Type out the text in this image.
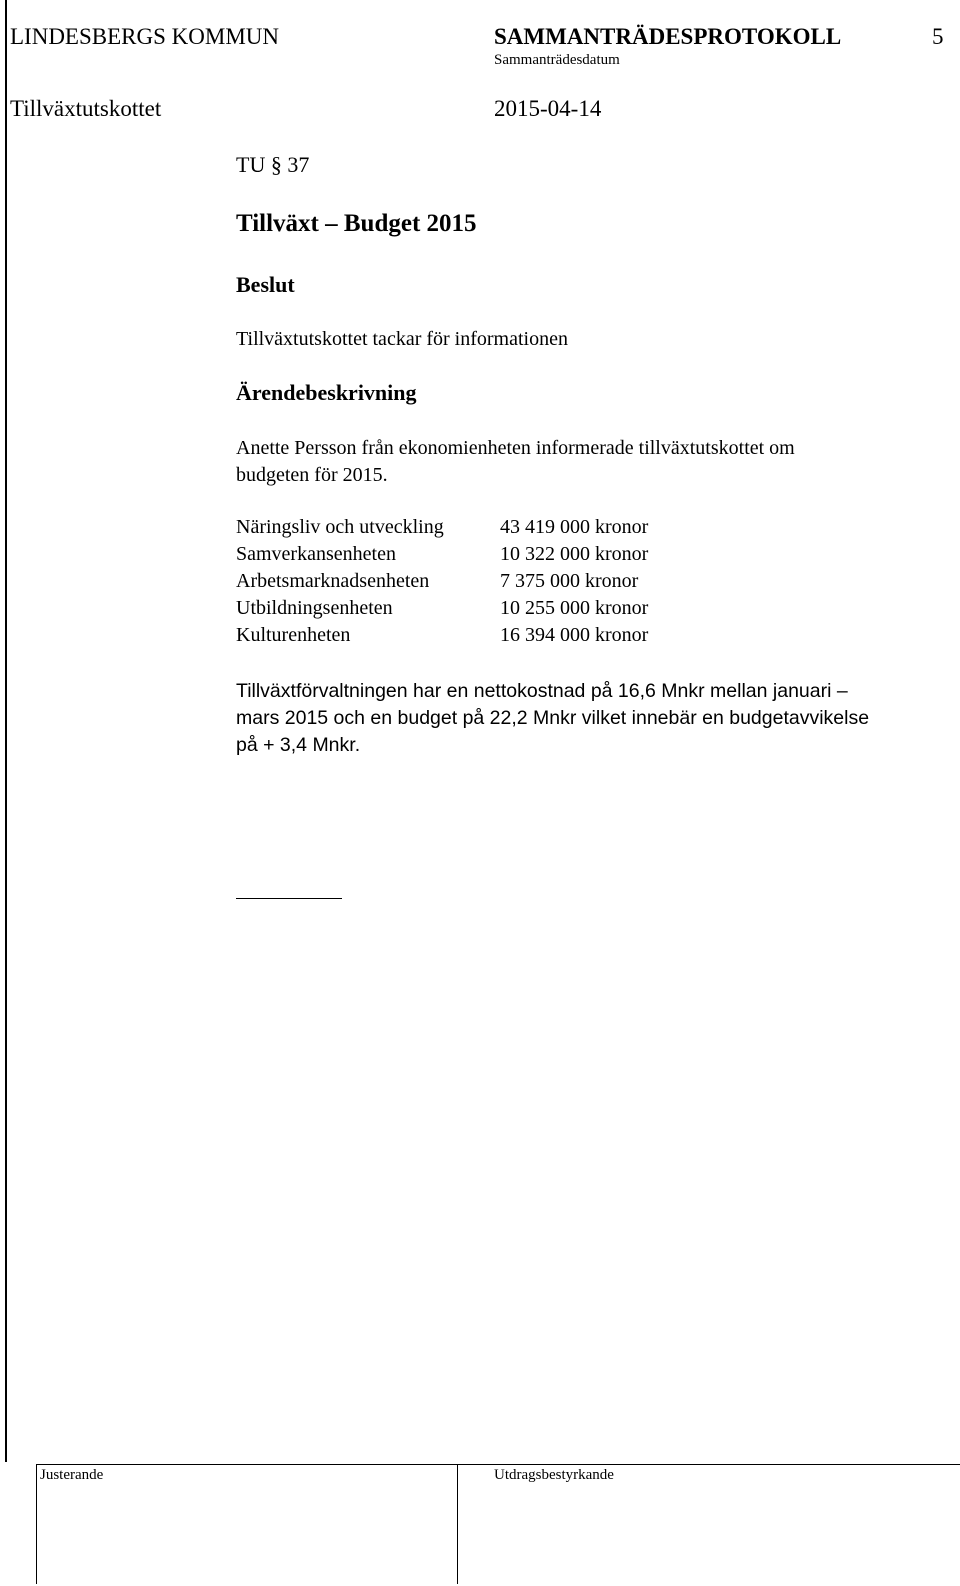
LINDESBERGS KOMMUN	SAMMANTRÄDESPROTOKOLL	5
Sammanträdesdatum
Tillväxtutskottet	2015-04-14
TU § 37
Tillväxt – Budget 2015
Beslut
Tillväxtutskottet tackar för informationen
Ärendebeskrivning
Anette Persson från ekonomienheten informerade tillväxtutskottet om
budgeten för 2015.
Näringsliv och utveckling	43 419 000 kronor
Samverkansenheten	10 322 000 kronor
Arbetsmarknadsenheten	7 375 000 kronor
Utbildningsenheten	10 255 000 kronor
Kulturenheten	16 394 000 kronor
Tillväxtförvaltningen har en nettokostnad på 16,6 Mnkr mellan januari –
mars 2015 och en budget på 22,2 Mnkr vilket innebär en budgetavvikelse
på + 3,4 Mnkr.
Justerande	Utdragsbestyrkande
